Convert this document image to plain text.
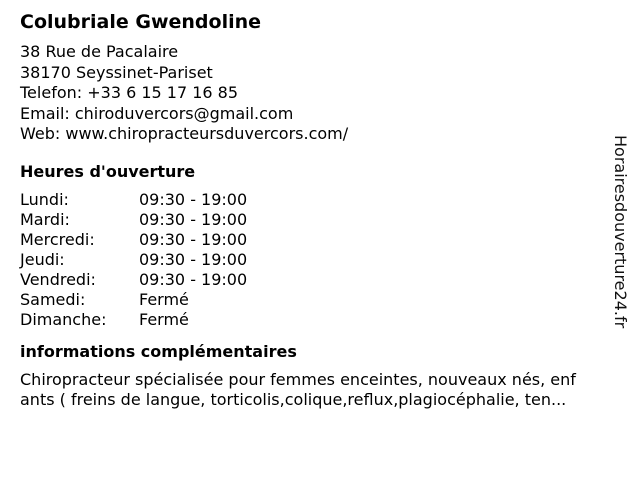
Colubriale Gwendoline
38 Rue de Pacalaire
38170 Seyssinet-Pariset
Telefon: +33 6 15 17 16 85
Email: chiroduvercors@gmail.com
Web: www.chiropracteursduvercors.com/
Heures d'ouverture
Lundi:	09:30 - 19:00
Mardi:	09:30 - 19:00
Mercredi:	09:30 - 19:00
Jeudi:	09:30 - 19:00
Vendredi:	09:30 - 19:00
Samedi:	Fermé
Dimanche:	Fermé
informations complémentaires
Chiropracteur spécialisée pour femmes enceintes, nouveaux nés, enf
ants ( freins de langue, torticolis,colique,reflux,plagiocéphalie, ten...
Horairesdouverture24.fr
